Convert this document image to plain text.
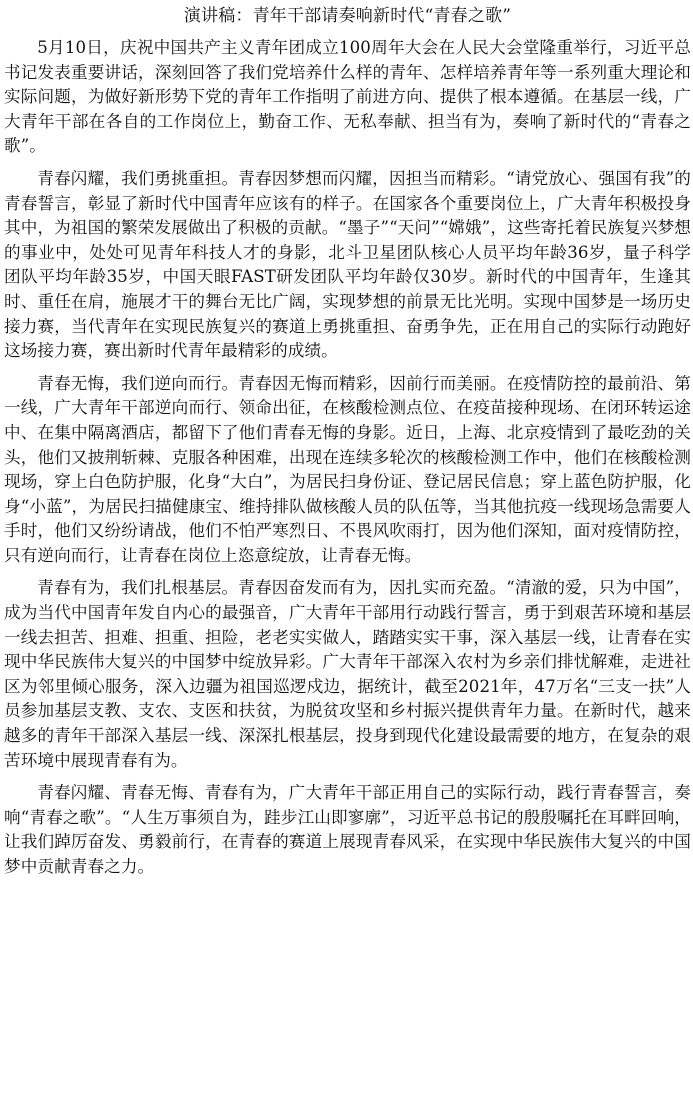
演讲稿：青年干部请奏响新时代“青春之歌”

5月10日，庆祝中国共产主义青年团成立100周年大会在人民大会堂隆重举行，习近平总书记发表重要讲话，深刻回答了我们党培养什么样的青年、怎样培养青年等一系列重大理论和实际问题，为做好新形势下党的青年工作指明了前进方向、提供了根本遵循。在基层一线，广大青年干部在各自的工作岗位上，勤奋工作、无私奉献、担当有为，奏响了新时代的“青春之歌”。

青春闪耀，我们勇挑重担。青春因梦想而闪耀，因担当而精彩。“请党放心、强国有我”的青春誓言，彰显了新时代中国青年应该有的样子。在国家各个重要岗位上，广大青年积极投身其中，为祖国的繁荣发展做出了积极的贡献。“墨子”“天问”“嫦娥”，这些寄托着民族复兴梦想的事业中，处处可见青年科技人才的身影，北斗卫星团队核心人员平均年龄36岁，量子科学团队平均年龄35岁，中国天眼FAST研发团队平均年龄仅30岁。新时代的中国青年，生逢其时、重任在肩，施展才干的舞台无比广阔，实现梦想的前景无比光明。实现中国梦是一场历史接力赛，当代青年在实现民族复兴的赛道上勇挑重担、奋勇争先，正在用自己的实际行动跑好这场接力赛，赛出新时代青年最精彩的成绩。

青春无悔，我们逆向而行。青春因无悔而精彩，因前行而美丽。在疫情防控的最前沿、第一线，广大青年干部逆向而行、领命出征，在核酸检测点位、在疫苗接种现场、在闭环转运途中、在集中隔离酒店，都留下了他们青春无悔的身影。近日，上海、北京疫情到了最吃劲的关头，他们又披荆斩棘、克服各种困难，出现在连续多轮次的核酸检测工作中，他们在核酸检测现场，穿上白色防护服，化身“大白”，为居民扫身份证、登记居民信息；穿上蓝色防护服，化身“小蓝”，为居民扫描健康宝、维持排队做核酸人员的队伍等，当其他抗疫一线现场急需要人手时，他们又纷纷请战，他们不怕严寒烈日、不畏风吹雨打，因为他们深知，面对疫情防控，只有逆向而行，让青春在岗位上恣意绽放，让青春无悔。

青春有为，我们扎根基层。青春因奋发而有为，因扎实而充盈。“清澈的爱，只为中国”，成为当代中国青年发自内心的最强音，广大青年干部用行动践行誓言，勇于到艰苦环境和基层一线去担苦、担难、担重、担险，老老实实做人，踏踏实实干事，深入基层一线，让青春在实现中华民族伟大复兴的中国梦中绽放异彩。广大青年干部深入农村为乡亲们排忧解难，走进社区为邻里倾心服务，深入边疆为祖国巡逻戍边，据统计，截至2021年，47万名“三支一扶”人员参加基层支教、支农、支医和扶贫，为脱贫攻坚和乡村振兴提供青年力量。在新时代，越来越多的青年干部深入基层一线、深深扎根基层，投身到现代化建设最需要的地方，在复杂的艰苦环境中展现青春有为。

青春闪耀、青春无悔、青春有为，广大青年干部正用自己的实际行动，践行青春誓言，奏响“青春之歌”。“人生万事须自为，跬步江山即寥廓”，习近平总书记的殷殷嘱托在耳畔回响，让我们踔厉奋发、勇毅前行，在青春的赛道上展现青春风采，在实现中华民族伟大复兴的中国梦中贡献青春之力。
